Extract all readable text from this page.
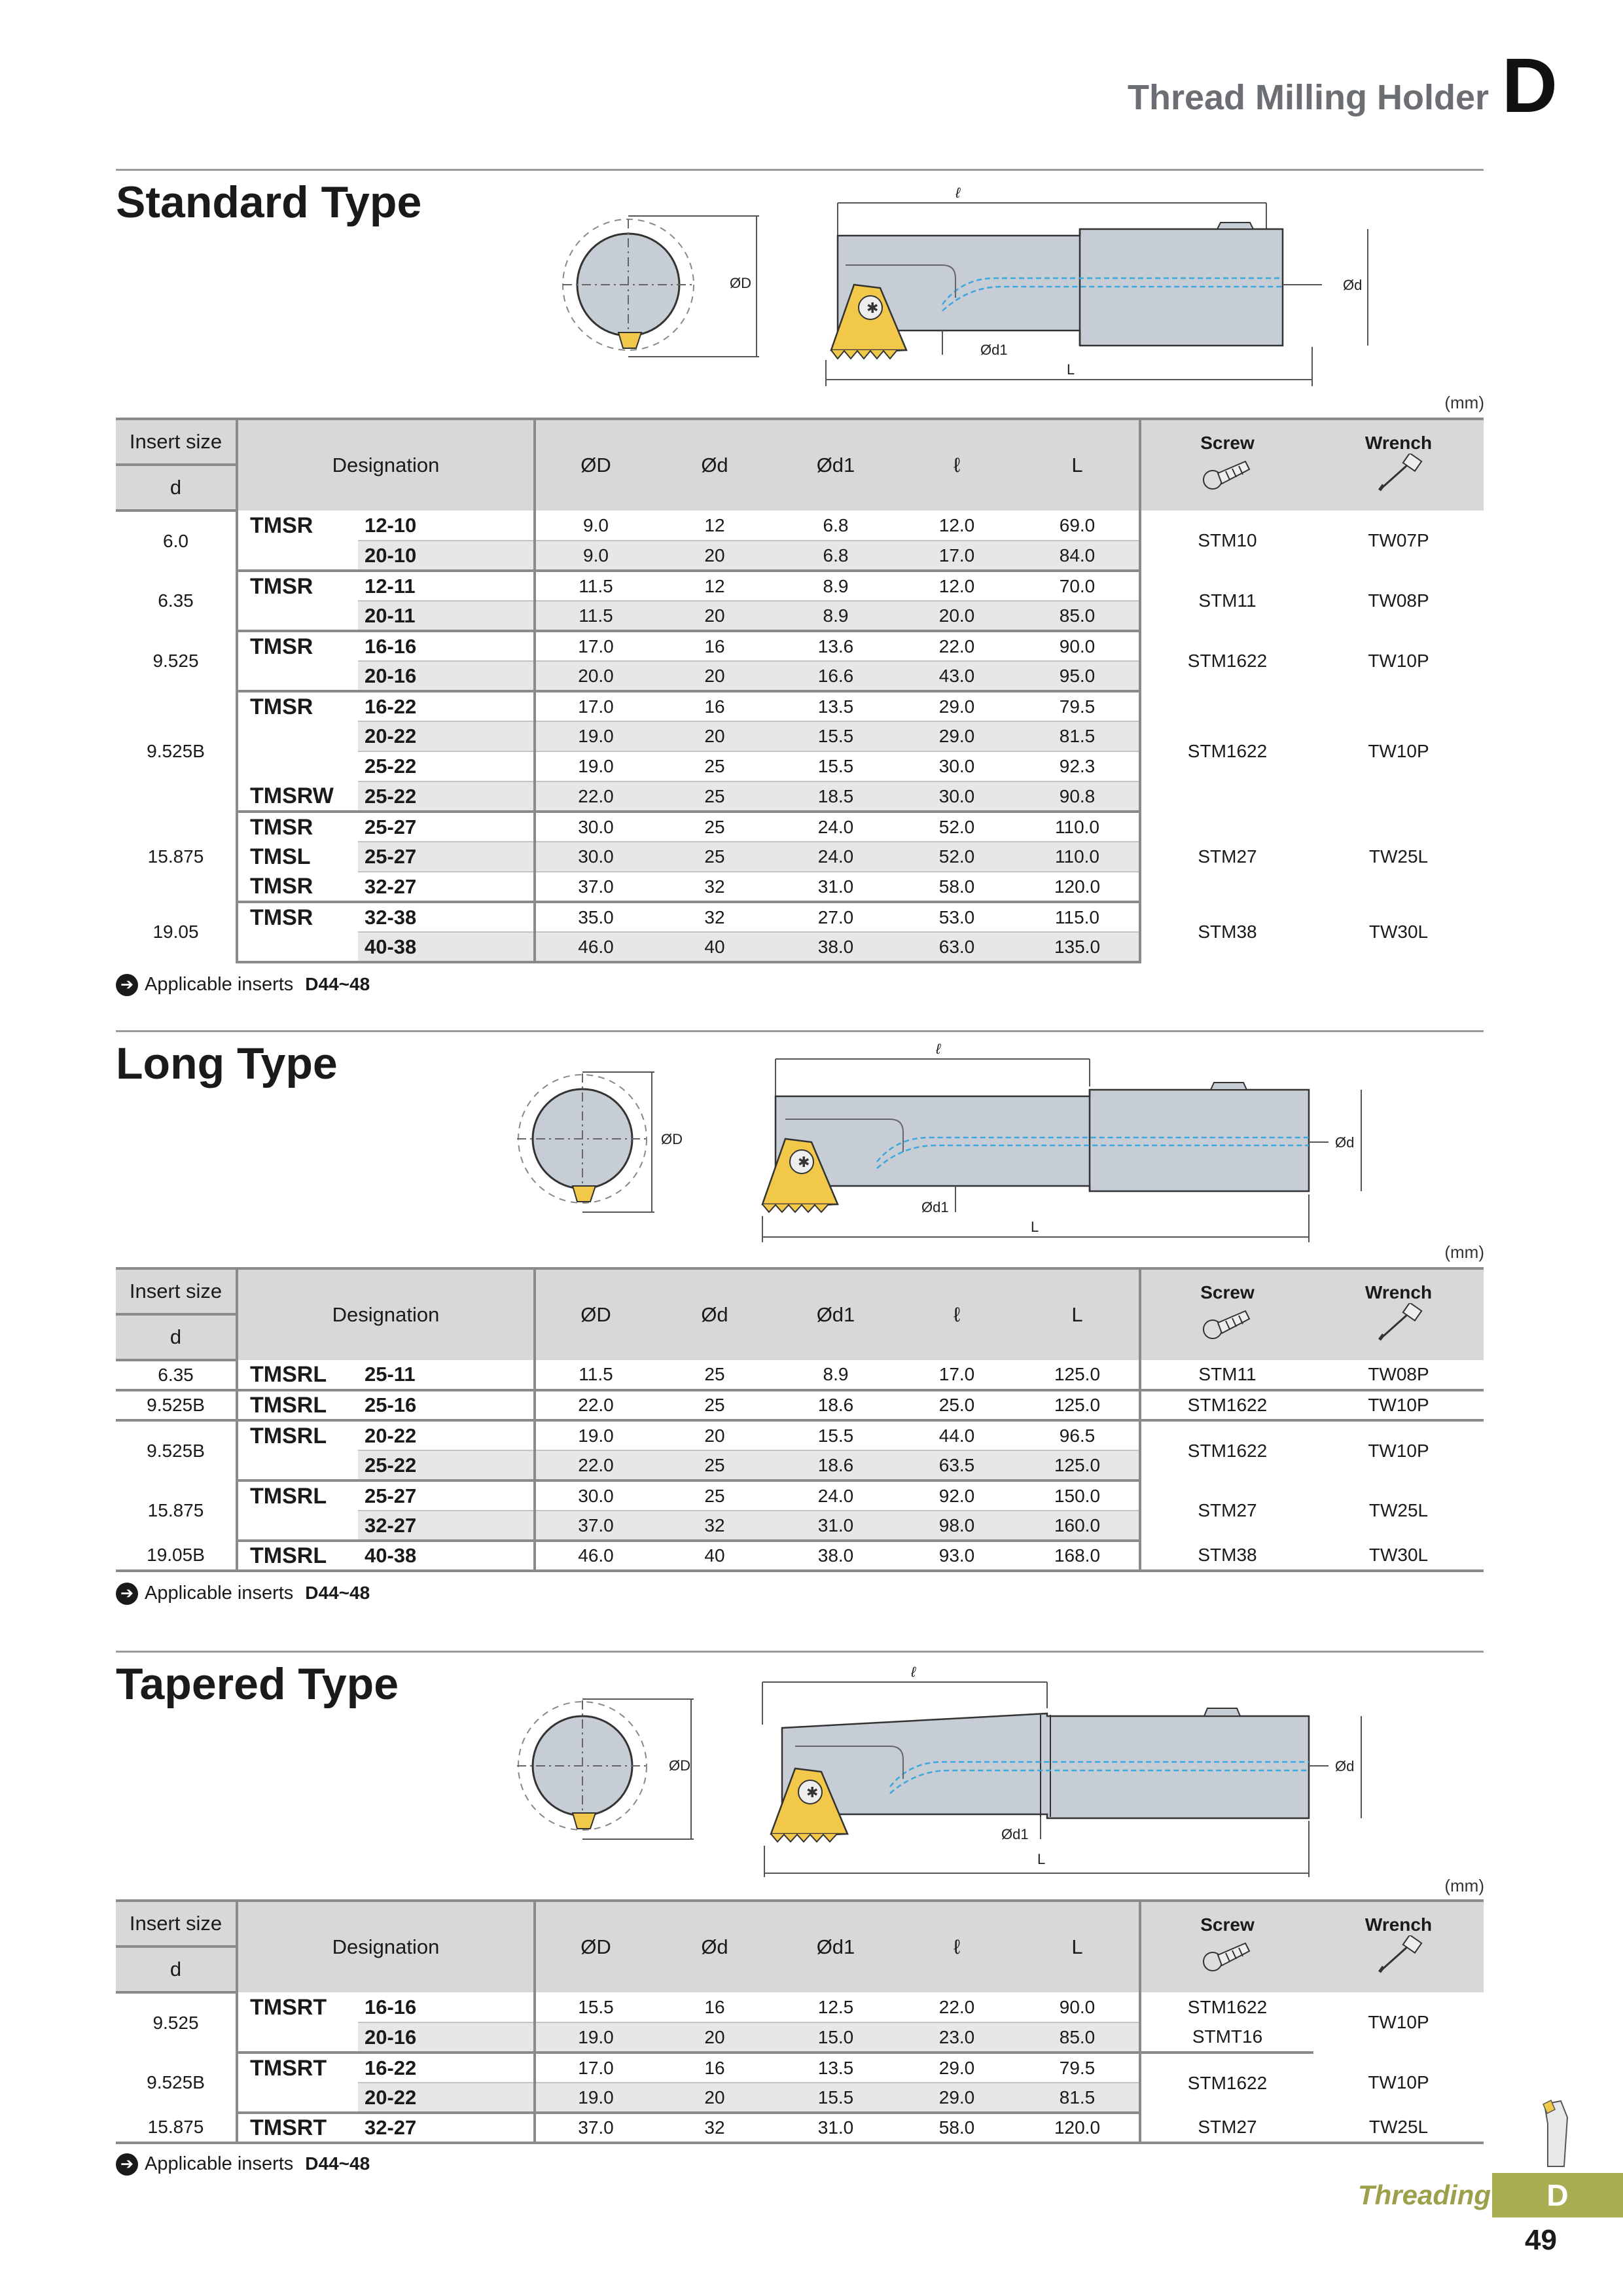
Thread Milling Holder D
Standard Type
ØD
ℓ
✱
Ød1
L
Ød
(mm)
Insert size	Designation		ØD	Ød	Ød1	ℓ	L	Screw	Wrench

d									
6.0	TMSR	12-10	9.0	12	6.8	12.0	69.0	STM10	TW07P
		20-10	9.0	20	6.8	17.0	84.0		
6.35	TMSR	12-11	11.5	12	8.9	12.0	70.0	STM11	TW08P
		20-11	11.5	20	8.9	20.0	85.0		
9.525	TMSR	16-16	17.0	16	13.6	22.0	90.0	STM1622	TW10P
		20-16	20.0	20	16.6	43.0	95.0		
9.525B	TMSR	16-22	17.0	16	13.5	29.0	79.5	STM1622	TW10P
		20-22	19.0	20	15.5	29.0	81.5		
		25-22	19.0	25	15.5	30.0	92.3		
	TMSRW	25-22	22.0	25	18.5	30.0	90.8		
15.875	TMSR	25-27	30.0	25	24.0	52.0	110.0	STM27	TW25L
	TMSL	25-27	30.0	25	24.0	52.0	110.0		
	TMSR	32-27	37.0	32	31.0	58.0	120.0		
19.05	TMSR	32-38	35.0	32	27.0	53.0	115.0	STM38	TW30L
		40-38	46.0	40	38.0	63.0	135.0		
➔ Applicable inserts D44~48
Long Type
ØD
ℓ
✱
Ød1
L
Ød
(mm)
Insert size	Designation		ØD	Ød	Ød1	ℓ	L	Screw	Wrench

d									
6.35	TMSRL	25-11	11.5	25	8.9	17.0	125.0	STM11	TW08P
9.525B	TMSRL	25-16	22.0	25	18.6	25.0	125.0	STM1622	TW10P
9.525B	TMSRL	20-22	19.0	20	15.5	44.0	96.5	STM1622	TW10P
		25-22	22.0	25	18.6	63.5	125.0		
15.875	TMSRL	25-27	30.0	25	24.0	92.0	150.0	STM27	TW25L
		32-27	37.0	32	31.0	98.0	160.0		
19.05B	TMSRL	40-38	46.0	40	38.0	93.0	168.0	STM38	TW30L
➔ Applicable inserts D44~48
Tapered Type
ØD
ℓ
✱
Ød1
L
Ød
(mm)
Insert size	Designation		ØD	Ød	Ød1	ℓ	L	Screw	Wrench

d									
9.525	TMSRT	16-16	15.5	16	12.5	22.0	90.0	STM1622	TW10P
		20-16	19.0	20	15.0	23.0	85.0	STMT16	
9.525B	TMSRT	16-22	17.0	16	13.5	29.0	79.5	STM1622	TW10P
		20-22	19.0	20	15.5	29.0	81.5		
15.875	TMSRT	32-27	37.0	32	31.0	58.0	120.0	STM27	TW25L
➔ Applicable inserts D44~48
Threading	D
49
